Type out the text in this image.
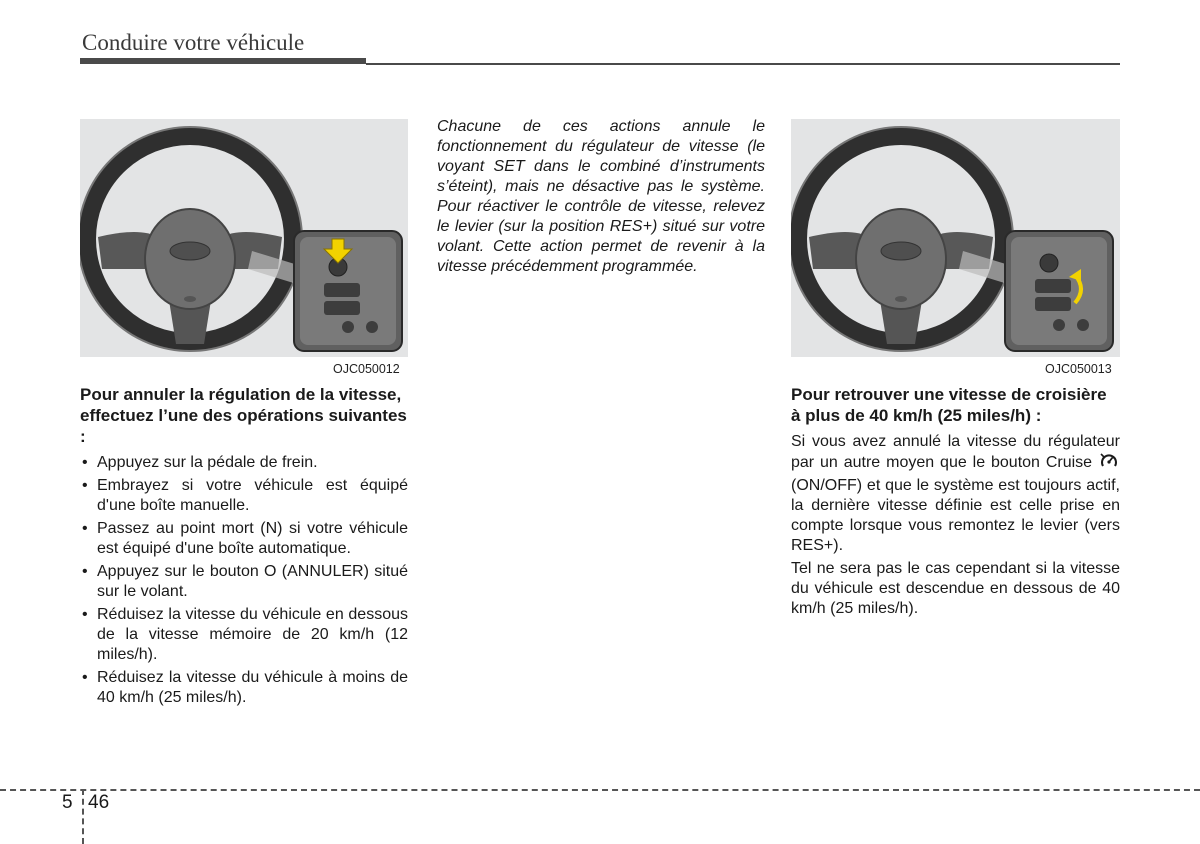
Conduire votre véhicule
OJC050012	OJC050013

Pour annuler la régulation de la vitesse, effectuez l’une des opérations suivantes :

• Appuyez sur la pédale de frein.
• Embrayez si votre véhicule est équipé d'une boîte manuelle.
• Passez au point mort (N) si votre véhicule est équipé d'une boîte automatique.
• Appuyez sur le bouton O (ANNULER) situé sur le volant.
• Réduisez la vitesse du véhicule en dessous de la vitesse mémoire de 20 km/h (12 miles/h).
• Réduisez la vitesse du véhicule à moins de 40 km/h (25 miles/h).

Chacune de ces actions annule le fonctionnement du régulateur de vitesse (le voyant SET dans le combiné d’instruments s’éteint), mais ne désactive pas le système. Pour réactiver le contrôle de vitesse, relevez le levier (sur la position RES+) situé sur votre volant. Cette action permet de revenir à la vitesse précédemment programmée.

Pour retrouver une vitesse de croisière à plus de 40 km/h (25 miles/h) :

Si vous avez annulé la vitesse du régulateur par un autre moyen que le bouton Cruise  (ON/OFF) et que le système est toujours actif, la dernière vitesse définie est celle prise en compte lorsque vous remontez le levier (vers RES+).

Tel ne sera pas le cas cependant si la vitesse du véhicule est descendue en dessous de 40 km/h (25 miles/h).

5 46
